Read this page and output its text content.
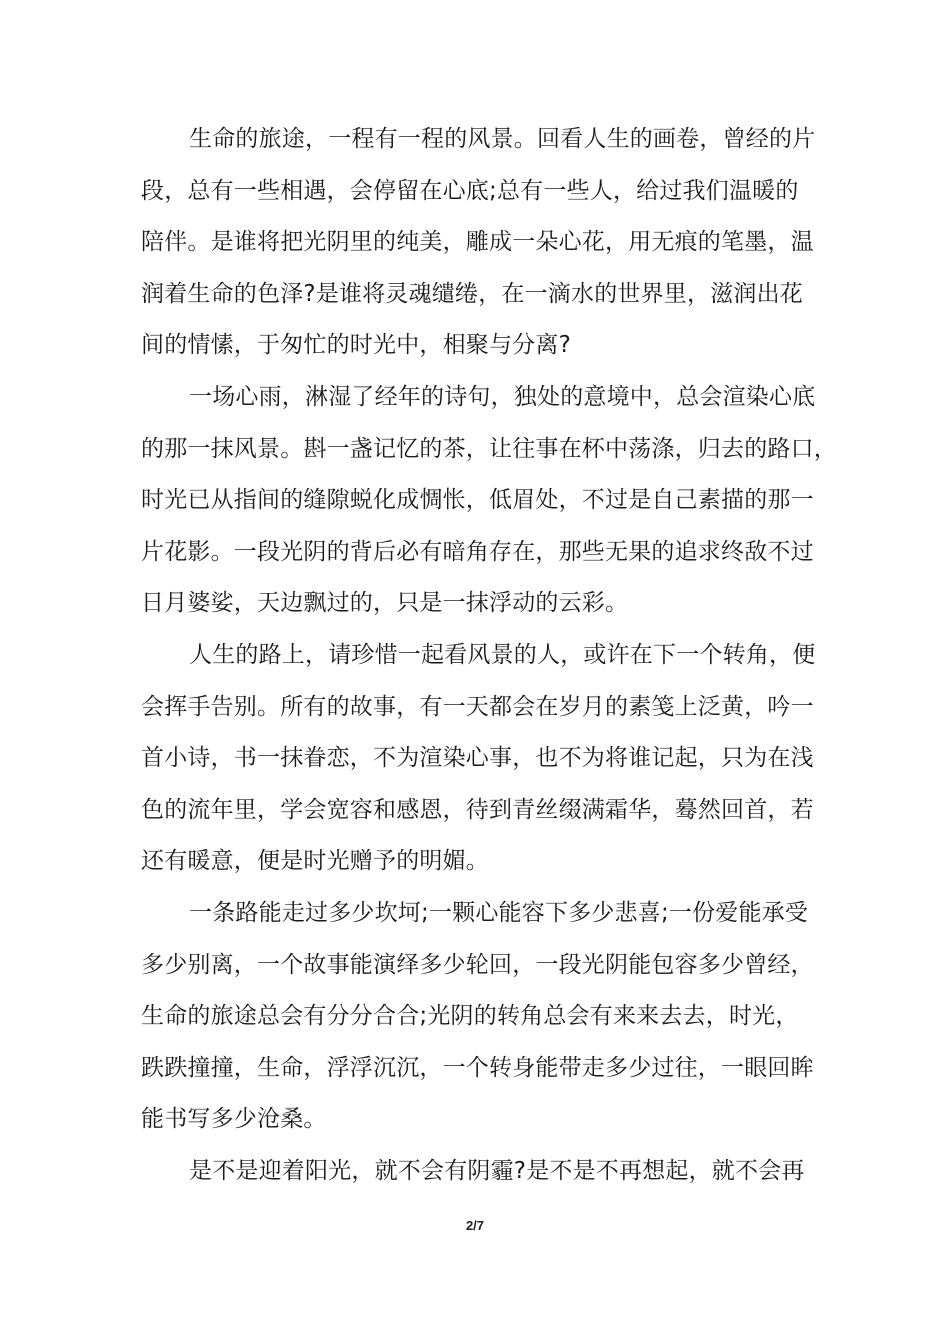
生命的旅途，一程有一程的风景。回看人生的画卷，曾经的片
段，总有一些相遇，会停留在心底;总有一些人，给过我们温暖的
陪伴。是谁将把光阴里的纯美，雕成一朵心花，用无痕的笔墨，温
润着生命的色泽?是谁将灵魂缱绻，在一滴水的世界里，滋润出花
间的情愫，于匆忙的时光中，相聚与分离?
一场心雨，淋湿了经年的诗句，独处的意境中，总会渲染心底
的那一抹风景。斟一盏记忆的茶，让往事在杯中荡涤，归去的路口，
时光已从指间的缝隙蜕化成惆怅，低眉处，不过是自己素描的那一
片花影。一段光阴的背后必有暗角存在，那些无果的追求终敌不过
日月婆娑，天边飘过的，只是一抹浮动的云彩。
人生的路上，请珍惜一起看风景的人，或许在下一个转角，便
会挥手告别。所有的故事，有一天都会在岁月的素笺上泛黄，吟一
首小诗，书一抹眷恋，不为渲染心事，也不为将谁记起，只为在浅
色的流年里，学会宽容和感恩，待到青丝缀满霜华，蓦然回首，若
还有暖意，便是时光赠予的明媚。
一条路能走过多少坎坷;一颗心能容下多少悲喜;一份爱能承受
多少别离，一个故事能演绎多少轮回，一段光阴能包容多少曾经，
生命的旅途总会有分分合合;光阴的转角总会有来来去去，时光，
跌跌撞撞，生命，浮浮沉沉，一个转身能带走多少过往，一眼回眸
能书写多少沧桑。
是不是迎着阳光，就不会有阴霾?是不是不再想起，就不会再
2/7
